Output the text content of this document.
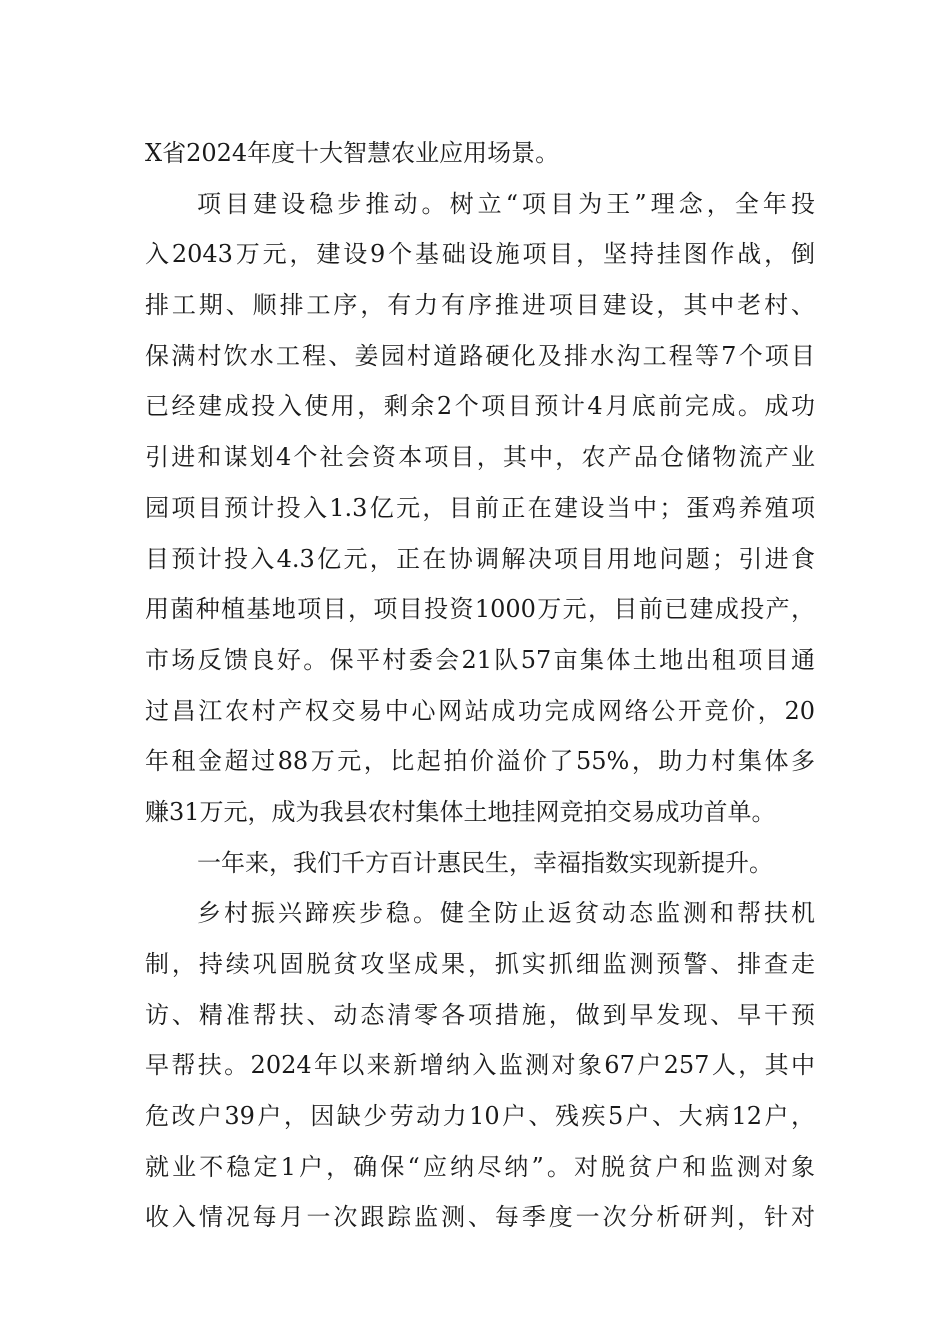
X省2024年度十大智慧农业应用场景。
项目建设稳步推动。树立“项目为王”理念，全年投
入2043万元，建设9个基础设施项目，坚持挂图作战，倒
排工期、顺排工序，有力有序推进项目建设，其中老村、
保满村饮水工程、姜园村道路硬化及排水沟工程等7个项目
已经建成投入使用，剩余2个项目预计4月底前完成。成功
引进和谋划4个社会资本项目，其中，农产品仓储物流产业
园项目预计投入1.3亿元，目前正在建设当中；蛋鸡养殖项
目预计投入4.3亿元，正在协调解决项目用地问题；引进食
用菌种植基地项目，项目投资1000万元，目前已建成投产，
市场反馈良好。保平村委会21队57亩集体土地出租项目通
过昌江农村产权交易中心网站成功完成网络公开竞价，20
年租金超过88万元，比起拍价溢价了55%，助力村集体多
赚31万元，成为我县农村集体土地挂网竞拍交易成功首单。
一年来，我们千方百计惠民生，幸福指数实现新提升。
乡村振兴蹄疾步稳。健全防止返贫动态监测和帮扶机
制，持续巩固脱贫攻坚成果，抓实抓细监测预警、排查走
访、精准帮扶、动态清零各项措施，做到早发现、早干预
早帮扶。2024年以来新增纳入监测对象67户257人，其中
危改户39户，因缺少劳动力10户、残疾5户、大病12户，
就业不稳定1户，确保“应纳尽纳”。对脱贫户和监测对象
收入情况每月一次跟踪监测、每季度一次分析研判，针对
